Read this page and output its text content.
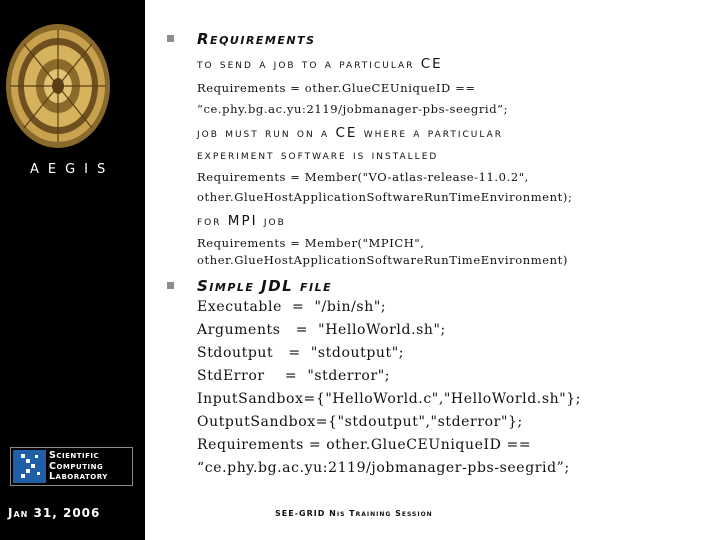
AEGIS
Scientific
Computing
Laboratory
Jan 31, 2006
Requirements
to send a job to a particular CE
Requirements = other.GlueCEUniqueID ==
“ce.phy.bg.ac.yu:2119/jobmanager-pbs-seegrid”;
job must run on a CE where a particular
experiment software is installed
Requirements = Member("VO-atlas-release-11.0.2",
other.GlueHostApplicationSoftwareRunTimeEnvironment);
for MPI job
Requirements = Member("MPICH",
other.GlueHostApplicationSoftwareRunTimeEnvironment)
Simple JDL file
Executable  =  "/bin/sh";
Arguments   =  "HelloWorld.sh";
Stdoutput   =  "stdoutput";
StdError    =  "stderror";
InputSandbox={"HelloWorld.c","HelloWorld.sh"};
OutputSandbox={"stdoutput","stderror"};
Requirements = other.GlueCEUniqueID ==
“ce.phy.bg.ac.yu:2119/jobmanager-pbs-seegrid”;
SEE-GRID Nis Training Session
